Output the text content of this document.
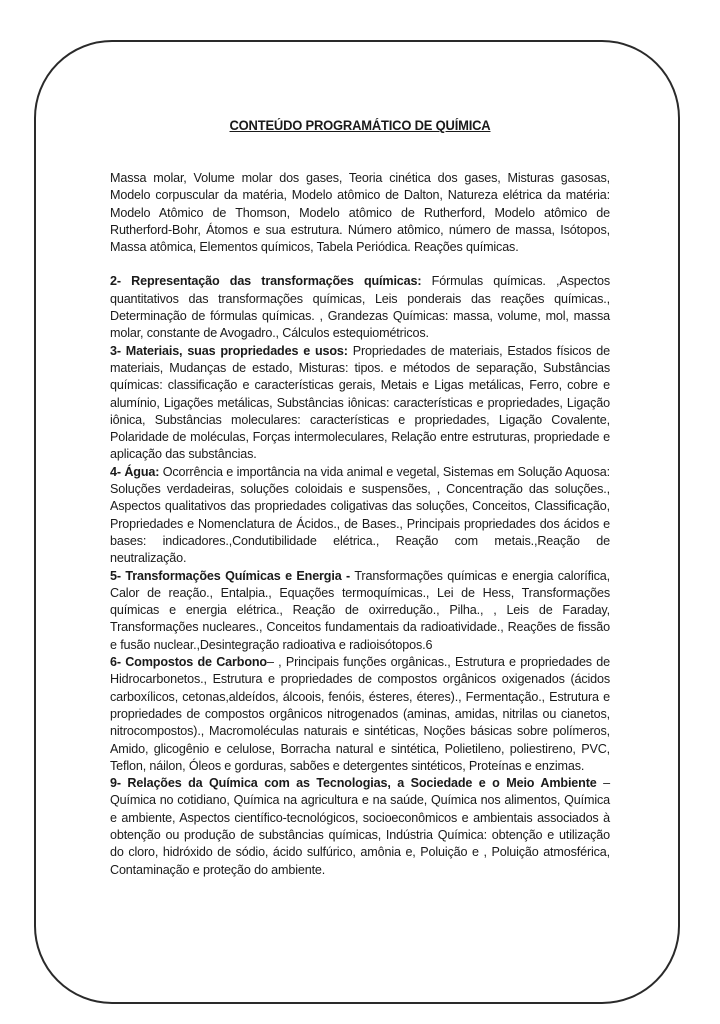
CONTEÚDO PROGRAMÁTICO DE QUÍMICA

Massa molar, Volume molar dos gases, Teoria cinética dos gases, Misturas gasosas, Modelo corpuscular da matéria, Modelo atômico de Dalton, Natureza elétrica da matéria: Modelo Atômico de Thomson, Modelo atômico de Rutherford, Modelo atômico de Rutherford-Bohr, Átomos e sua estrutura. Número atômico, número de massa, Isótopos, Massa atômica, Elementos químicos, Tabela Periódica. Reações químicas.

2- Representação das transformações químicas: Fórmulas químicas. ,Aspectos quantitativos das transformações químicas, Leis ponderais das reações químicas., Determinação de fórmulas químicas. , Grandezas Químicas: massa, volume, mol, massa molar, constante de Avogadro., Cálculos estequiométricos.

3- Materiais, suas propriedades e usos: Propriedades de materiais, Estados físicos de materiais, Mudanças de estado, Misturas: tipos. e métodos de separação, Substâncias químicas: classificação e características gerais, Metais e Ligas metálicas, Ferro, cobre e alumínio, Ligações metálicas, Substâncias iônicas: características e propriedades, Ligação iônica, Substâncias moleculares: características e propriedades, Ligação Covalente, Polaridade de moléculas, Forças intermoleculares, Relação entre estruturas, propriedade e aplicação das substâncias.

4- Água: Ocorrência e importância na vida animal e vegetal, Sistemas em Solução Aquosa: Soluções verdadeiras, soluções coloidais e suspensões, , Concentração das soluções., Aspectos qualitativos das propriedades coligativas das soluções, Conceitos, Classificação, Propriedades e Nomenclatura de Ácidos., de Bases., Principais propriedades dos ácidos e bases: indicadores.,Condutibilidade elétrica., Reação com metais.,Reação de neutralização.

5- Transformações Químicas e Energia - Transformações químicas e energia calorífica, Calor de reação., Entalpia., Equações termoquímicas., Lei de Hess, Transformações químicas e energia elétrica., Reação de oxirredução., Pilha., , Leis de Faraday, Transformações nucleares., Conceitos fundamentais da radioatividade., Reações de fissão e fusão nuclear.,Desintegração radioativa e radioisótopos.6

6- Compostos de Carbono– , Principais funções orgânicas., Estrutura e propriedades de Hidrocarbonetos., Estrutura e propriedades de compostos orgânicos oxigenados (ácidos carboxílicos, cetonas,aldeídos, álcoois, fenóis, ésteres, éteres)., Fermentação., Estrutura e propriedades de compostos orgânicos nitrogenados (aminas, amidas, nitrilas ou cianetos, nitrocompostos)., Macromoléculas naturais e sintéticas, Noções básicas sobre polímeros, Amido, glicogênio e celulose, Borracha natural e sintética, Polietileno, poliestireno, PVC, Teflon, náilon, Óleos e gorduras, sabões e detergentes sintéticos, Proteínas e enzimas.

9- Relações da Química com as Tecnologias, a Sociedade e o Meio Ambiente – Química no cotidiano, Química na agricultura e na saúde, Química nos alimentos, Química e ambiente, Aspectos científico-tecnológicos, socioeconômicos e ambientais associados à obtenção ou produção de substâncias químicas, Indústria Química: obtenção e utilização do cloro, hidróxido de sódio, ácido sulfúrico, amônia e, Poluição e , Poluição atmosférica, Contaminação e proteção do ambiente.
